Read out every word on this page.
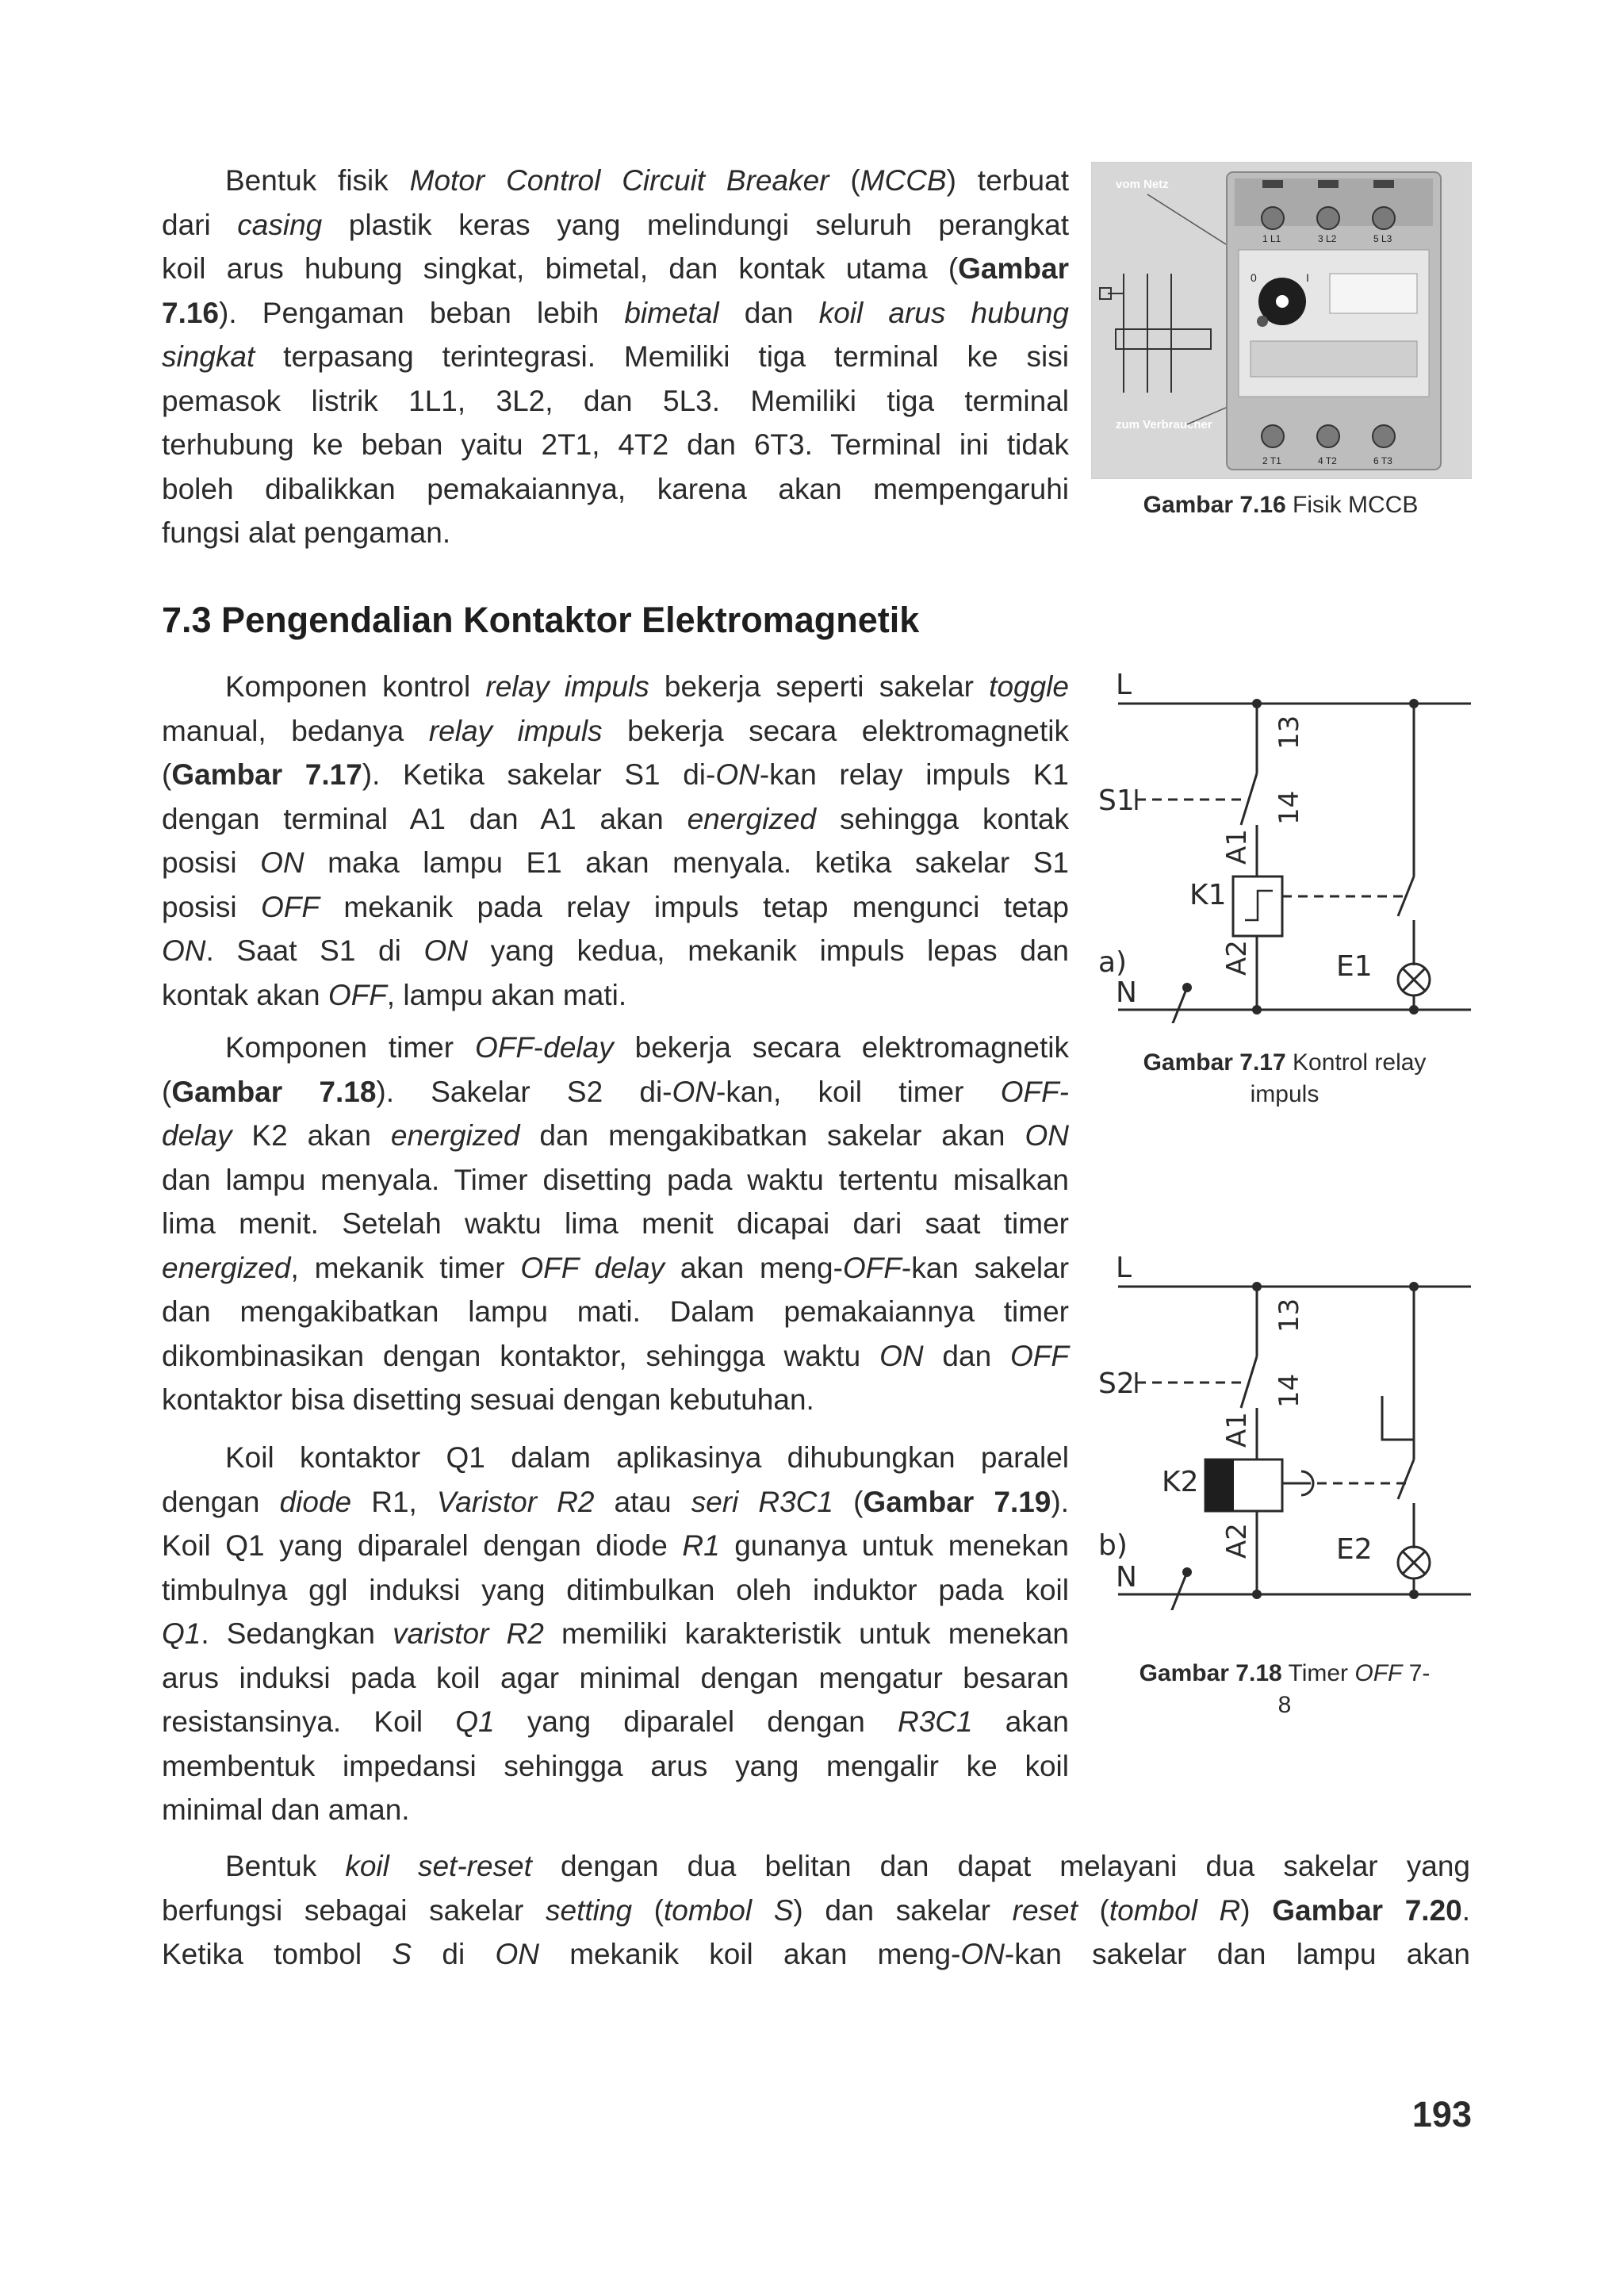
Bentuk fisik Motor Control Circuit Breaker (MCCB) terbuat
dari casing plastik keras yang melindungi seluruh perangkat
koil arus hubung singkat, bimetal, dan kontak utama (Gambar
7.16). Pengaman beban lebih bimetal dan koil arus hubung
singkat terpasang terintegrasi. Memiliki tiga terminal ke sisi
pemasok listrik 1L1, 3L2, dan 5L3. Memiliki tiga terminal
terhubung ke beban yaitu 2T1, 4T2 dan 6T3. Terminal ini tidak
boleh dibalikkan pemakaiannya, karena akan mempengaruhi
fungsi alat pengaman.
vom Netz
zum Verbraucher
1 L1	3 L2	5 L3
0	I
2 T1	4 T2	6 T3
Gambar 7.16 Fisik MCCB
7.3 Pengendalian Kontaktor Elektromagnetik
Komponen kontrol relay impuls bekerja seperti sakelar toggle
manual, bedanya relay impuls bekerja secara elektromagnetik
(Gambar 7.17). Ketika sakelar S1 di-ON-kan relay impuls K1
dengan terminal A1 dan A1 akan energized sehingga kontak
posisi ON maka lampu E1 akan menyala. ketika sakelar S1
posisi OFF mekanik pada relay impuls tetap mengunci tetap
ON. Saat S1 di ON yang kedua, mekanik impuls lepas dan
kontak akan OFF, lampu akan mati.
L
N
S1
K1
E1
a)
13
14
A1
A2
Gambar 7.17 Kontrol relay
impuls
Komponen timer OFF-delay bekerja secara elektromagnetik
(Gambar 7.18). Sakelar S2 di-ON-kan, koil timer OFF-
delay K2 akan energized dan mengakibatkan sakelar akan ON
dan lampu menyala. Timer disetting pada waktu tertentu misalkan
lima menit. Setelah waktu lima menit dicapai dari saat timer
energized, mekanik timer OFF delay akan meng-OFF-kan sakelar
dan mengakibatkan lampu mati. Dalam pemakaiannya timer
dikombinasikan dengan kontaktor, sehingga waktu ON dan OFF
kontaktor bisa disetting sesuai dengan kebutuhan.
L
N
S2
K2
E2
b)
13
14
A1
A2
Gambar 7.18 Timer OFF 7-
8
Koil kontaktor Q1 dalam aplikasinya dihubungkan paralel
dengan diode R1, Varistor R2 atau seri R3C1 (Gambar 7.19).
Koil Q1 yang diparalel dengan diode R1 gunanya untuk menekan
timbulnya ggl induksi yang ditimbulkan oleh induktor pada koil
Q1. Sedangkan varistor R2 memiliki karakteristik untuk menekan
arus induksi pada koil agar minimal dengan mengatur besaran
resistansinya. Koil Q1 yang diparalel dengan R3C1 akan
membentuk impedansi sehingga arus yang mengalir ke koil
minimal dan aman.
Bentuk koil set-reset dengan dua belitan dan dapat melayani dua sakelar yang
berfungsi sebagai sakelar setting (tombol S) dan sakelar reset (tombol R) Gambar 7.20.
Ketika tombol S di ON mekanik koil akan meng-ON-kan sakelar dan lampu akan
193
